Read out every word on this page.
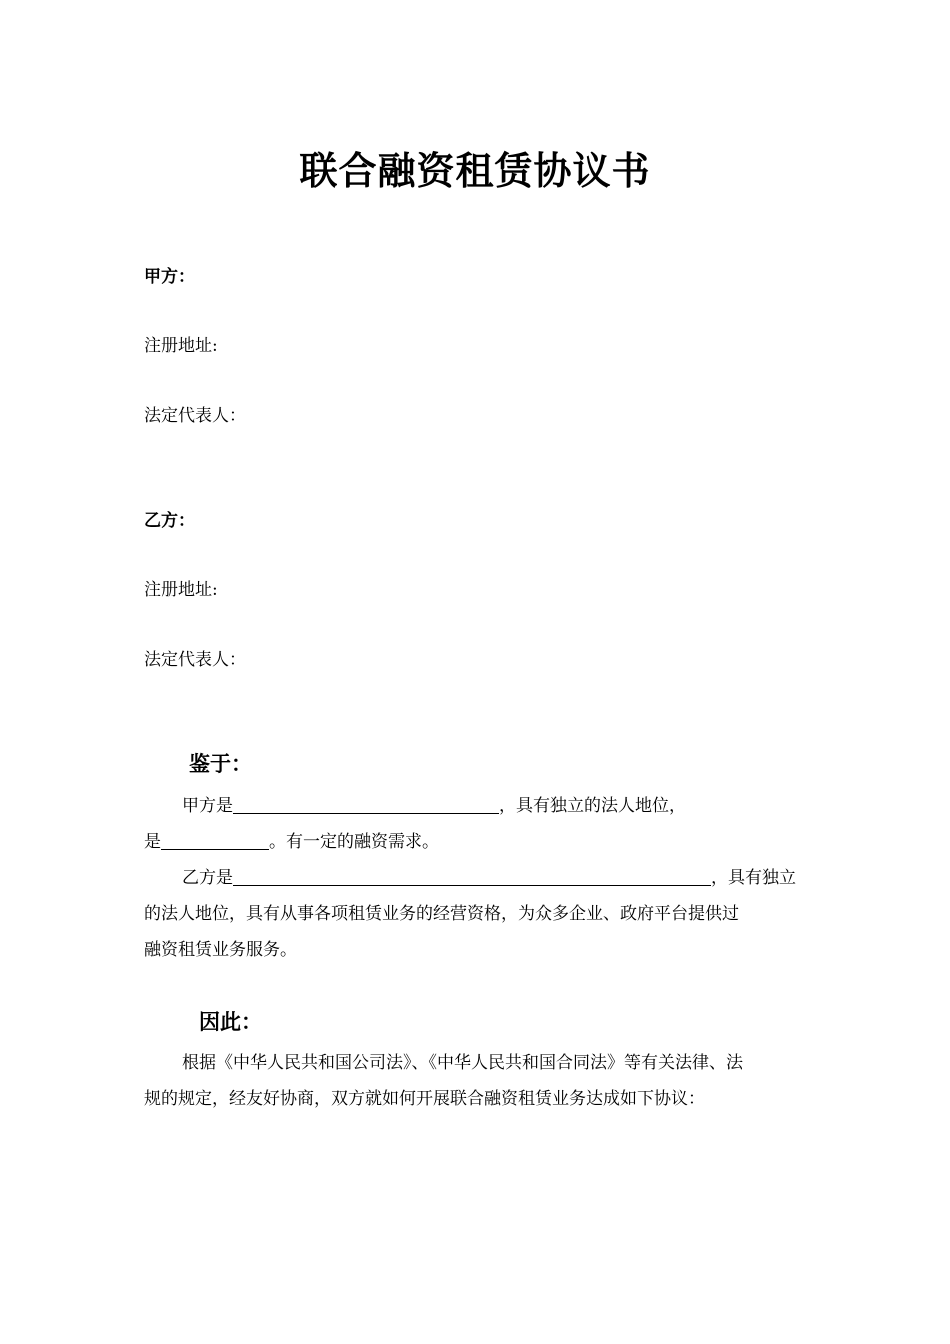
联合融资租赁协议书
甲方：
注册地址:
法定代表人：
乙方：
注册地址:
法定代表人：
鉴于：
甲方是	，具有独立的法人地位，
是	。有一定的融资需求。
乙方是	，具有独立
的法人地位，具有从事各项租赁业务的经营资格，为众多企业、政府平台提供过
融资租赁业务服务。
因此：
根据《中华人民共和国公司法》、《中华人民共和国合同法》等有关法律、法
规的规定，经友好协商，双方就如何开展联合融资租赁业务达成如下协议：
